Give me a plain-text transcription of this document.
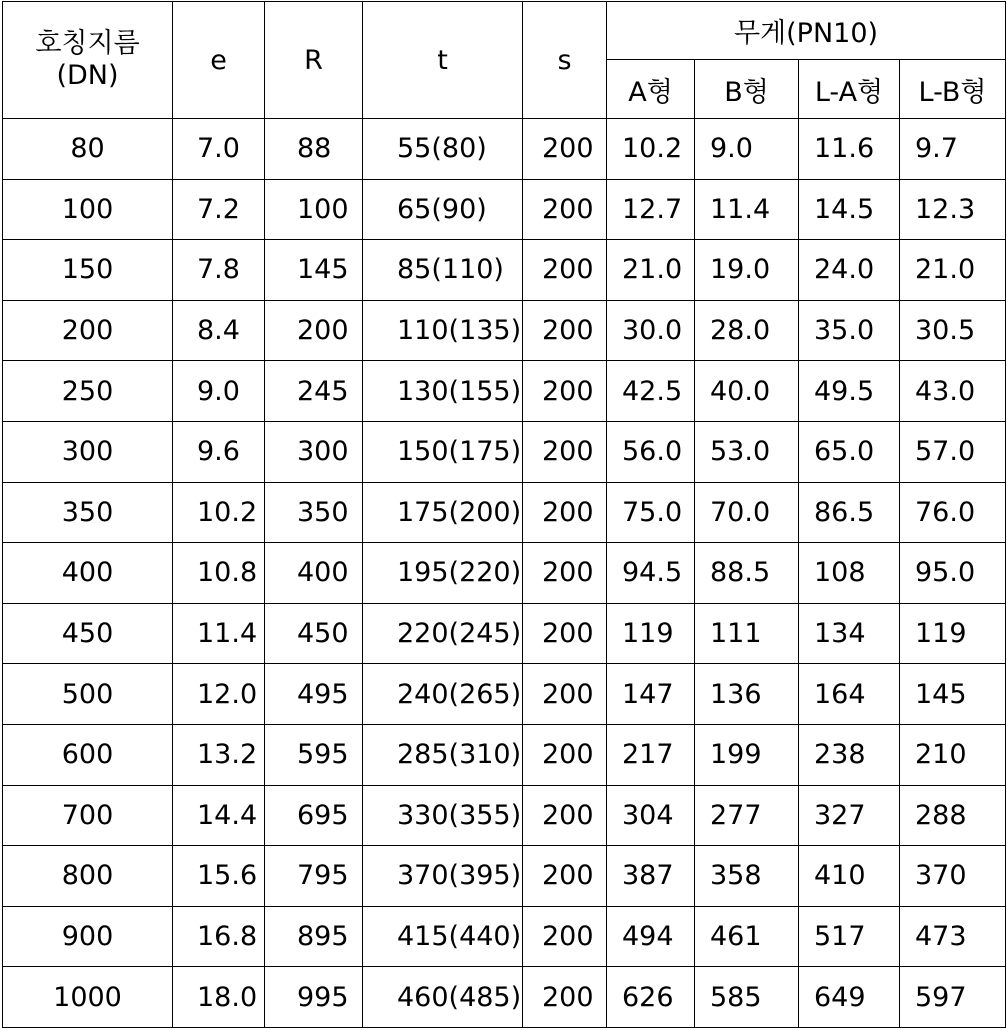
호칭지름
(DN)	e	R	t	s	무게(PN10)			
					A형	B형	L-A형	L-B형
80	7.0	88	55(80)	200	10.2	9.0	11.6	9.7
100	7.2	100	65(90)	200	12.7	11.4	14.5	12.3
150	7.8	145	85(110)	200	21.0	19.0	24.0	21.0
200	8.4	200	110(135)	200	30.0	28.0	35.0	30.5
250	9.0	245	130(155)	200	42.5	40.0	49.5	43.0
300	9.6	300	150(175)	200	56.0	53.0	65.0	57.0
350	10.2	350	175(200)	200	75.0	70.0	86.5	76.0
400	10.8	400	195(220)	200	94.5	88.5	108	95.0
450	11.4	450	220(245)	200	119	111	134	119
500	12.0	495	240(265)	200	147	136	164	145
600	13.2	595	285(310)	200	217	199	238	210
700	14.4	695	330(355)	200	304	277	327	288
800	15.6	795	370(395)	200	387	358	410	370
900	16.8	895	415(440)	200	494	461	517	473
1000	18.0	995	460(485)	200	626	585	649	597
